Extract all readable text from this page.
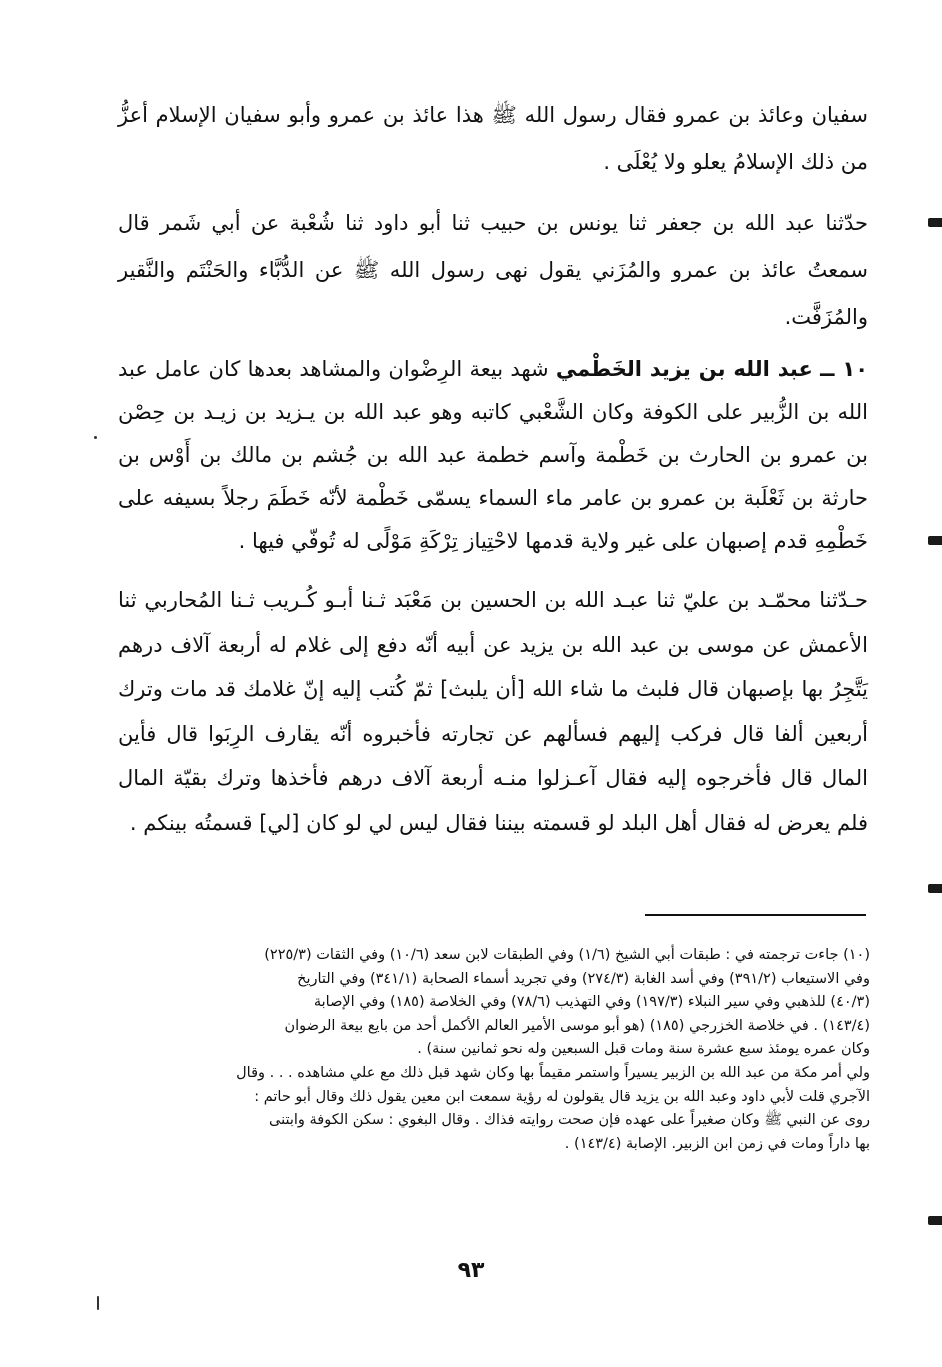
سفيان وعائذ بن عمرو فقال رسول الله ﷺ هذا عائذ بن عمرو وأبو سفيان الإسلام أعزُّ من ذلك الإسلامُ يعلو ولا يُعْلَى .
حدّثنا عبد الله بن جعفر ثنا يونس بن حبيب ثنا أبو داود ثنا شُعْبة عن أبي شَمر قال سمعتُ عائذ بن عمرو والمُزَني يقول نهى رسول الله ﷺ عن الدُّبَّاء والحَنْتَم والنَّقير والمُزَفَّت.
١٠ ــ عبد الله بن يزيد الخَطْمي شهد بيعة الرِضْوان والمشاهد بعدها كان عامل عبد الله بن الزُّبير على الكوفة وكان الشَّعْبي كاتبه وهو عبد الله بن يـزيد بن زيـد بن حِصْن بن عمرو بن الحارث بن خَطْمة وآسم خطمة عبد الله بن جُشم بن مالك بن أَوْس بن حارثة بن ثَعْلَبة بن عمرو بن عامر ماء السماء يسمّى خَطْمة لأنّه خَطَمَ رجلاً بسيفه على خَطْمِهِ قدم إصبهان على غير ولاية قدمها لاحْتِياز تِرْكَةِ مَوْلًى له تُوفّي فيها .
حـدّثنا محمّـد بن عليّ ثنا عبـد الله بن الحسين بن مَعْبَد ثـنا أبـو كُـريب ثـنا المُحاربي ثنا الأعمش عن موسى بن عبد الله بن يزيد عن أبيه أنّه دفع إلى غلام له أربعة آلاف درهم يَتَّجِرُ بها بإصبهان قال فلبث ما شاء الله [أن يلبث] ثمّ كُتب إليه إنّ غلامك قد مات وترك أربعين ألفا قال فركب إليهم فسألهم عن تجارته فأخبروه أنّه يقارف الرِبَوا قال فأين المال قال فأخرجوه إليه فقال آعـزلوا منـه أربعة آلاف درهم فأخذها وترك بقيّة المال فلم يعرض له فقال أهل البلد لو قسمته بيننا فقال ليس لي لو كان [لي] قسمتُه بينكم .
(١٠) جاءت ترجمته في : طبقات أبي الشيخ (١/٦) وفي الطبقات لابن سعد (١٠/٦) وفي الثقات (٢٢٥/٣)
وفي الاستيعاب (٣٩١/٢) وفي أسد الغابة (٢٧٤/٣) وفي تجريد أسماء الصحابة (٣٤١/١) وفي التاريخ
(٤٠/٣) للذهبي وفي سير النبلاء (١٩٧/٣) وفي التهذيب (٧٨/٦) وفي الخلاصة (١٨٥) وفي الإصابة
(١٤٣/٤) . في خلاصة الخزرجي (١٨٥) (هو أبو موسى الأمير العالم الأكمل أحد من بايع بيعة الرضوان
وكان عمره يومئذ سبع عشرة سنة ومات قبل السبعين وله نحو ثمانين سنة) .
ولي أمر مكة من عبد الله بن الزبير يسيراً واستمر مقيماً بها وكان شهد قبل ذلك مع علي مشاهده . . . وقال
الآجري قلت لأبي داود وعبد الله بن يزيد قال يقولون له رؤية سمعت ابن معين يقول ذلك وقال أبو حاتم :
روى عن النبي ﷺ وكان صغيراً على عهده فإن صحت روايته فذاك . وقال البغوي : سكن الكوفة وابتنى
بها داراً ومات في زمن ابن الزبير. الإصابة (١٤٣/٤) .
٩٣
